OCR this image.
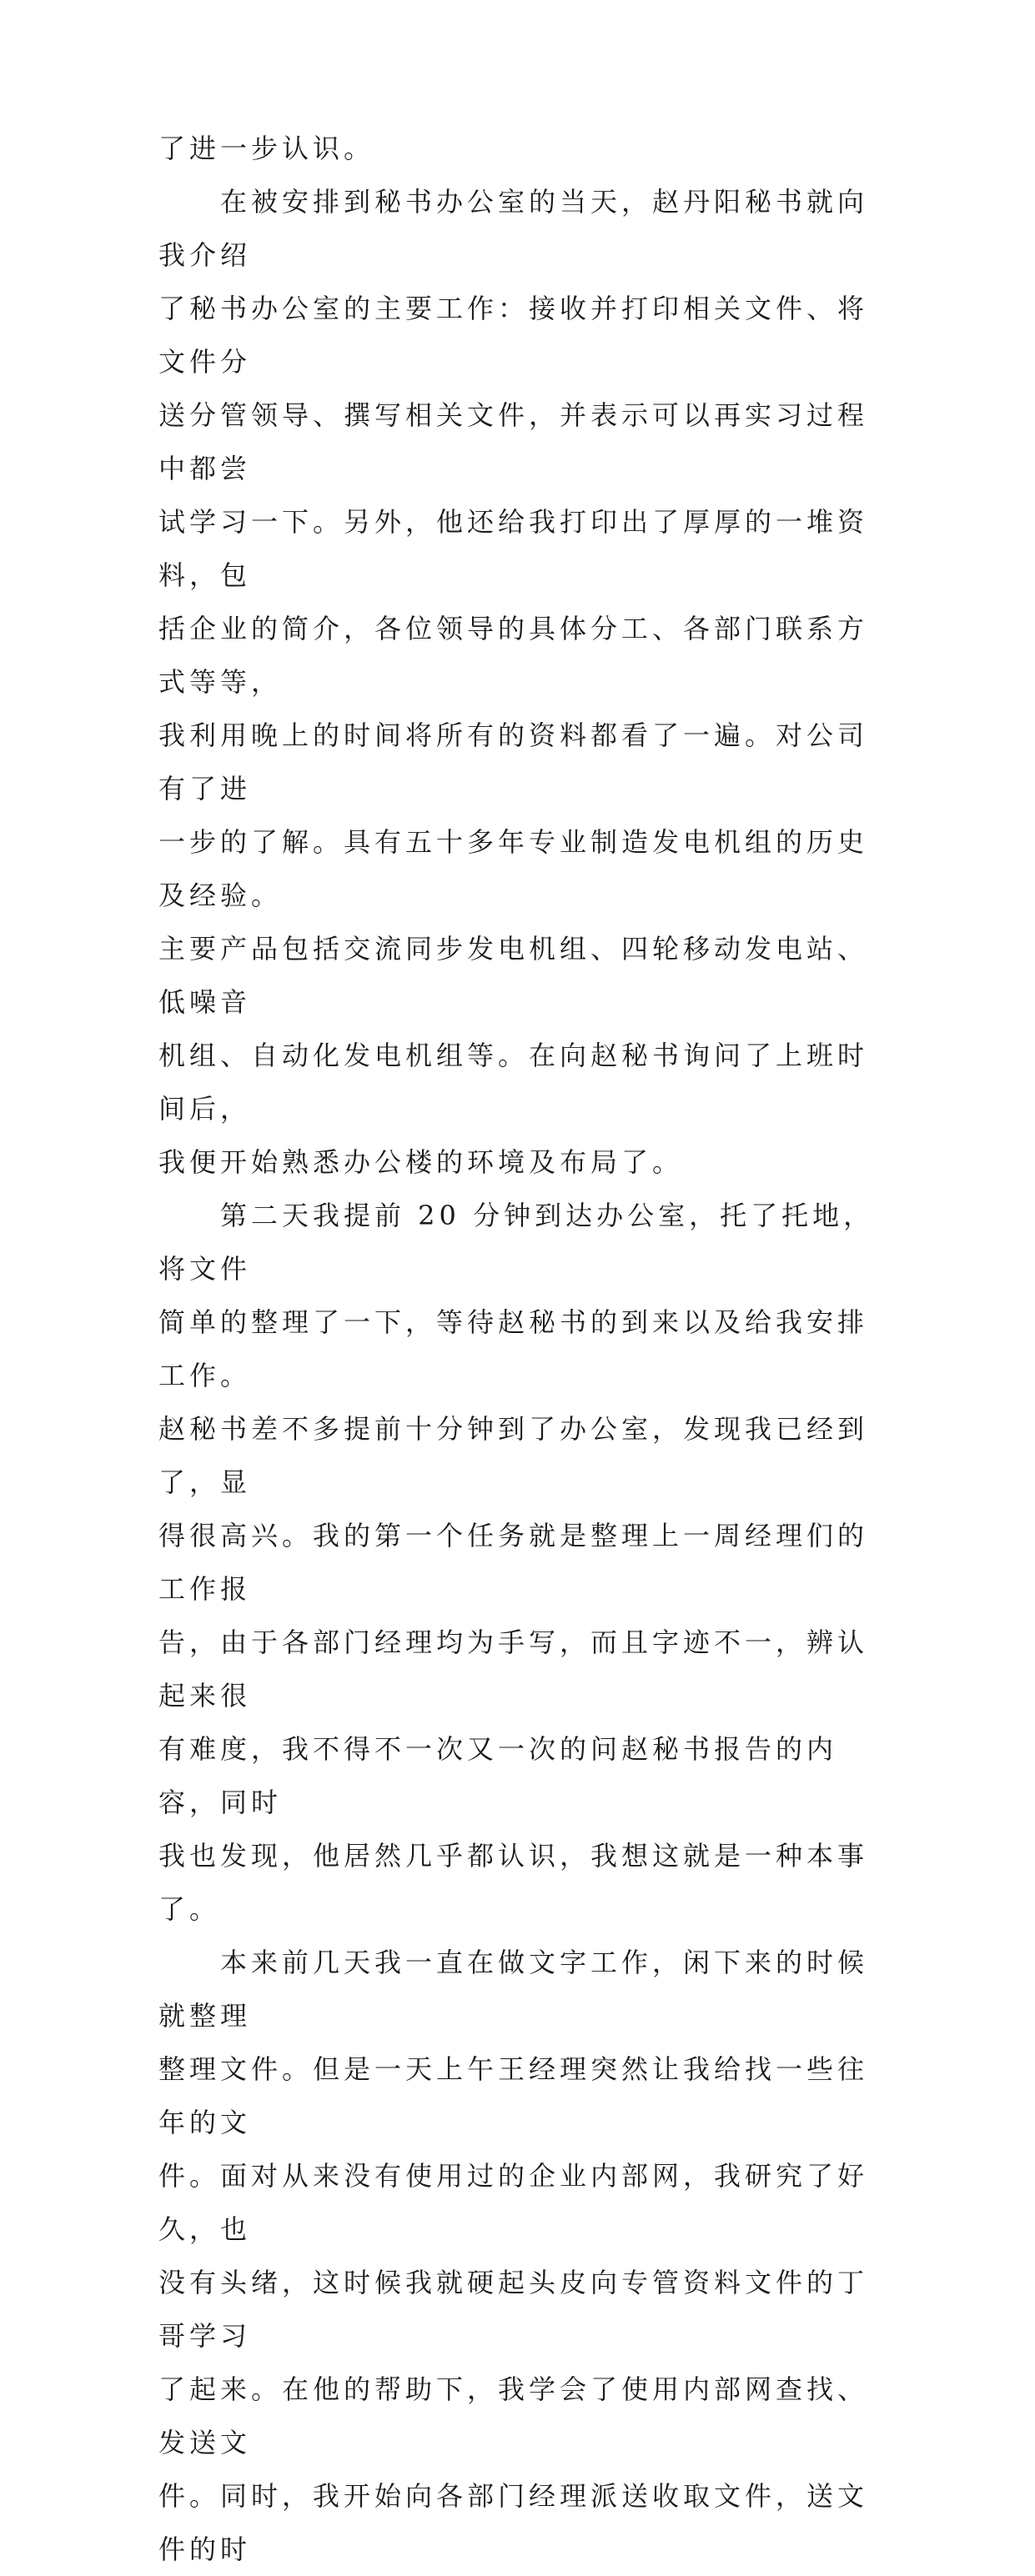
了进一步认识。

　　在被安排到秘书办公室的当天，赵丹阳秘书就向我介绍
了秘书办公室的主要工作：接收并打印相关文件、将文件分
送分管领导、撰写相关文件，并表示可以再实习过程中都尝
试学习一下。另外，他还给我打印出了厚厚的一堆资料，包
括企业的简介，各位领导的具体分工、各部门联系方式等等，
我利用晚上的时间将所有的资料都看了一遍。对公司有了进
一步的了解。具有五十多年专业制造发电机组的历史及经验。
主要产品包括交流同步发电机组、四轮移动发电站、低噪音
机组、自动化发电机组等。在向赵秘书询问了上班时间后，
我便开始熟悉办公楼的环境及布局了。

　　第二天我提前 20 分钟到达办公室，托了托地，将文件
简单的整理了一下，等待赵秘书的到来以及给我安排工作。
赵秘书差不多提前十分钟到了办公室，发现我已经到了，显
得很高兴。我的第一个任务就是整理上一周经理们的工作报
告，由于各部门经理均为手写，而且字迹不一，辨认起来很
有难度，我不得不一次又一次的问赵秘书报告的内容，同时
我也发现，他居然几乎都认识，我想这就是一种本事了。

　　本来前几天我一直在做文字工作，闲下来的时候就整理
整理文件。但是一天上午王经理突然让我给找一些往年的文
件。面对从来没有使用过的企业内部网，我研究了好久，也
没有头绪，这时候我就硬起头皮向专管资料文件的丁哥学习
了起来。在他的帮助下，我学会了使用内部网查找、发送文
件。同时，我开始向各部门经理派送收取文件，送文件的时
